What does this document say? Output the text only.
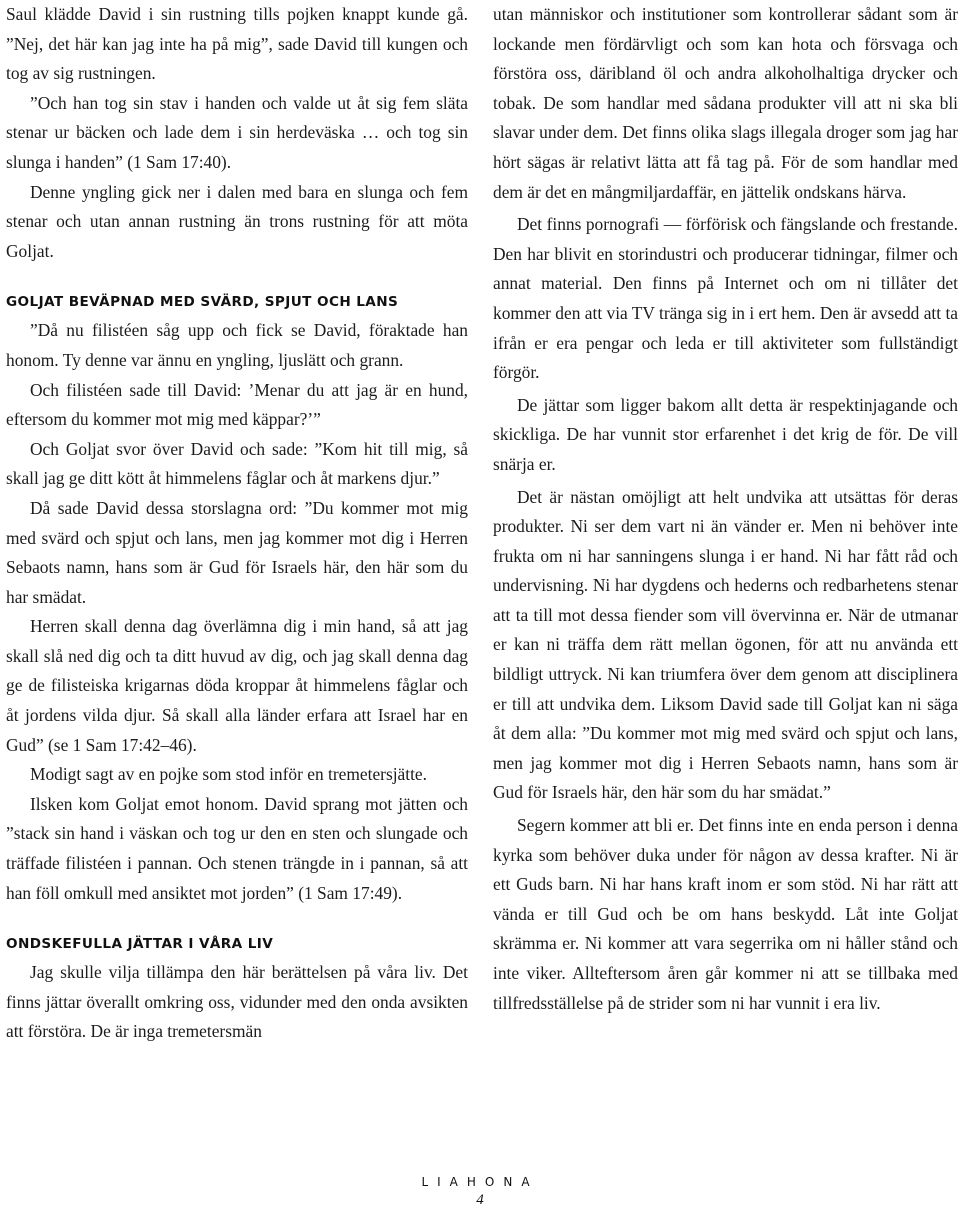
Saul klädde David i sin rustning tills pojken knappt kunde gå. ”Nej, det här kan jag inte ha på mig”, sade David till kungen och tog av sig rustningen.

”Och han tog sin stav i handen och valde ut åt sig fem släta stenar ur bäcken och lade dem i sin herdeväska … och tog sin slunga i handen” (1 Sam 17:40).

Denne yngling gick ner i dalen med bara en slunga och fem stenar och utan annan rustning än trons rustning för att möta Goljat.

GOLJAT BEVÄPNAD MED SVÄRD, SPJUT OCH LANS

”Då nu filistéen såg upp och fick se David, föraktade han honom. Ty denne var ännu en yngling, ljuslätt och grann.

Och filistéen sade till David: ’Menar du att jag är en hund, eftersom du kommer mot mig med käppar?’”

Och Goljat svor över David och sade: ”Kom hit till mig, så skall jag ge ditt kött åt himmelens fåglar och åt markens djur.”

Då sade David dessa storslagna ord: ”Du kommer mot mig med svärd och spjut och lans, men jag kommer mot dig i Herren Sebaots namn, hans som är Gud för Israels här, den här som du har smädat.

Herren skall denna dag överlämna dig i min hand, så att jag skall slå ned dig och ta ditt huvud av dig, och jag skall denna dag ge de filisteiska krigarnas döda kroppar åt himmelens fåglar och åt jordens vilda djur. Så skall alla länder erfara att Israel har en Gud” (se 1 Sam 17:42–46).

Modigt sagt av en pojke som stod inför en tremetersjätte.

Ilsken kom Goljat emot honom. David sprang mot jätten och ”stack sin hand i väskan och tog ur den en sten och slungade och träffade filistéen i pannan. Och stenen trängde in i pannan, så att han föll omkull med ansiktet mot jorden” (1 Sam 17:49).

ONDSKEFULLA JÄTTAR I VÅRA LIV

Jag skulle vilja tillämpa den här berättelsen på våra liv. Det finns jättar överallt omkring oss, vidunder med den onda avsikten att förstöra. De är inga tremetersmän

utan människor och institutioner som kontrollerar sådant som är lockande men fördärvligt och som kan hota och försvaga och förstöra oss, däribland öl och andra alkoholhaltiga drycker och tobak. De som handlar med sådana produkter vill att ni ska bli slavar under dem. Det finns olika slags illegala droger som jag har hört sägas är relativt lätta att få tag på. För de som handlar med dem är det en mångmiljardaffär, en jättelik ondskans härva.

Det finns pornografi — förförisk och fängslande och frestande. Den har blivit en storindustri och producerar tidningar, filmer och annat material. Den finns på Internet och om ni tillåter det kommer den att via TV tränga sig in i ert hem. Den är avsedd att ta ifrån er era pengar och leda er till aktiviteter som fullständigt förgör.

De jättar som ligger bakom allt detta är respektinjagande och skickliga. De har vunnit stor erfarenhet i det krig de för. De vill snärja er.

Det är nästan omöjligt att helt undvika att utsättas för deras produkter. Ni ser dem vart ni än vänder er. Men ni behöver inte frukta om ni har sanningens slunga i er hand. Ni har fått råd och undervisning. Ni har dygdens och hederns och redbarhetens stenar att ta till mot dessa fiender som vill övervinna er. När de utmanar er kan ni träffa dem rätt mellan ögonen, för att nu använda ett bildligt uttryck. Ni kan triumfera över dem genom att disciplinera er till att undvika dem. Liksom David sade till Goljat kan ni säga åt dem alla: ”Du kommer mot mig med svärd och spjut och lans, men jag kommer mot dig i Herren Sebaots namn, hans som är Gud för Israels här, den här som du har smädat.”

Segern kommer att bli er. Det finns inte en enda person i denna kyrka som behöver duka under för någon av dessa krafter. Ni är ett Guds barn. Ni har hans kraft inom er som stöd. Ni har rätt att vända er till Gud och be om hans beskydd. Låt inte Goljat skrämma er. Ni kommer att vara segerrika om ni håller stånd och inte viker. Allteftersom åren går kommer ni att se tillbaka med tillfredsställelse på de strider som ni har vunnit i era liv.

LIAHONA
4
